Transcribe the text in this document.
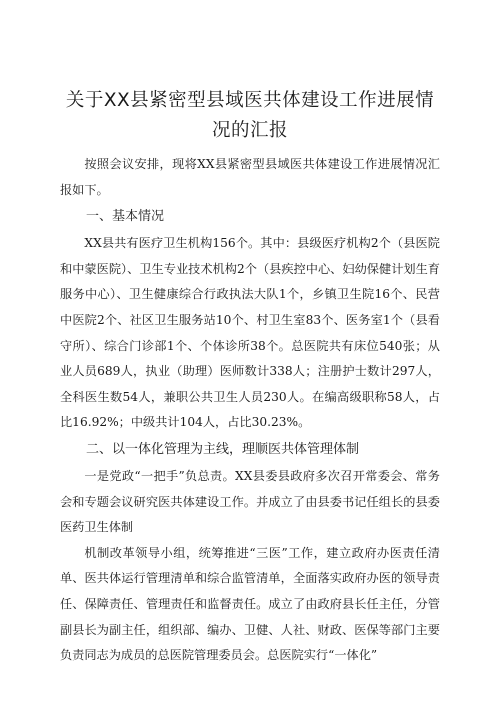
关于XX县紧密型县域医共体建设工作进展情
况的汇报

按照会议安排，现将XX县紧密型县域医共体建设工作进展情况汇报如下。

一、基本情况

XX县共有医疗卫生机构156个。其中：县级医疗机构2个（县医院和中蒙医院）、卫生专业技术机构2个（县疾控中心、妇幼保健计划生育服务中心）、卫生健康综合行政执法大队1个，乡镇卫生院16个、民营中医院2个、社区卫生服务站10个、村卫生室83个、医务室1个（县看守所）、综合门诊部1个、个体诊所38个。总医院共有床位540张；从业人员689人，执业（助理）医师数计338人；注册护士数计297人，全科医生数54人，兼职公共卫生人员230人。在编高级职称58人，占比16.92%；中级共计104人，占比30.23%。

二、以一体化管理为主线，理顺医共体管理体制

一是党政“一把手”负总责。XX县委县政府多次召开常委会、常务会和专题会议研究医共体建设工作。并成立了由县委书记任组长的县委医药卫生体制

机制改革领导小组，统筹推进“三医”工作，建立政府办医责任清单、医共体运行管理清单和综合监管清单，全面落实政府办医的领导责任、保障责任、管理责任和监督责任。成立了由政府县长任主任，分管副县长为副主任，组织部、编办、卫健、人社、财政、医保等部门主要负责同志为成员的总医院管理委员会。总医院实行“一体化”
